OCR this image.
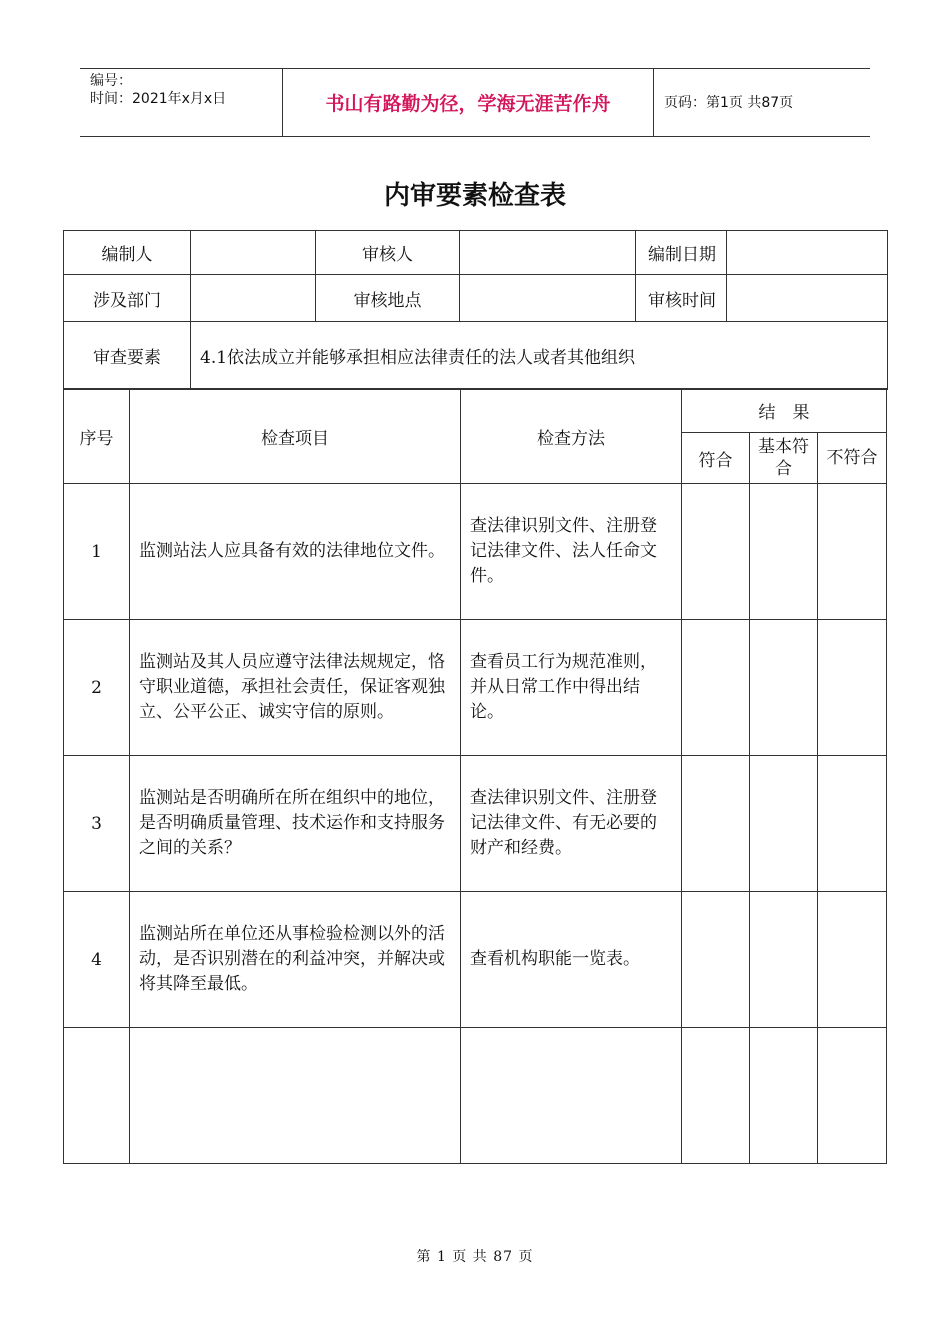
编号：
时间：2021年x月x日	书山有路勤为径，学海无涯苦作舟	页码：第1页 共87页
内审要素检查表
编制人		审核人		编制日期

涉及部门		审核地点		审核时间

审查要素	4.1依法成立并能够承担相应法律责任的法人或者其他组织			
序号	检查项目	检查方法	结　果		
			符合	基本符合	不符合
1	监测站法人应具备有效的法律地位文件。	查法律识别文件、注册登记法律文件、法人任命文件。			
2	监测站及其人员应遵守法律法规规定，恪守职业道德，承担社会责任，保证客观独立、公平公正、诚实守信的原则。	查看员工行为规范准则，并从日常工作中得出结论。			
3	监测站是否明确所在所在组织中的地位，是否明确质量管理、技术运作和支持服务之间的关系？	查法律识别文件、注册登记法律文件、有无必要的财产和经费。			
4	监测站所在单位还从事检验检测以外的活动，是否识别潜在的利益冲突，并解决或将其降至最低。	查看机构职能一览表。			

第 1 页 共 87 页
